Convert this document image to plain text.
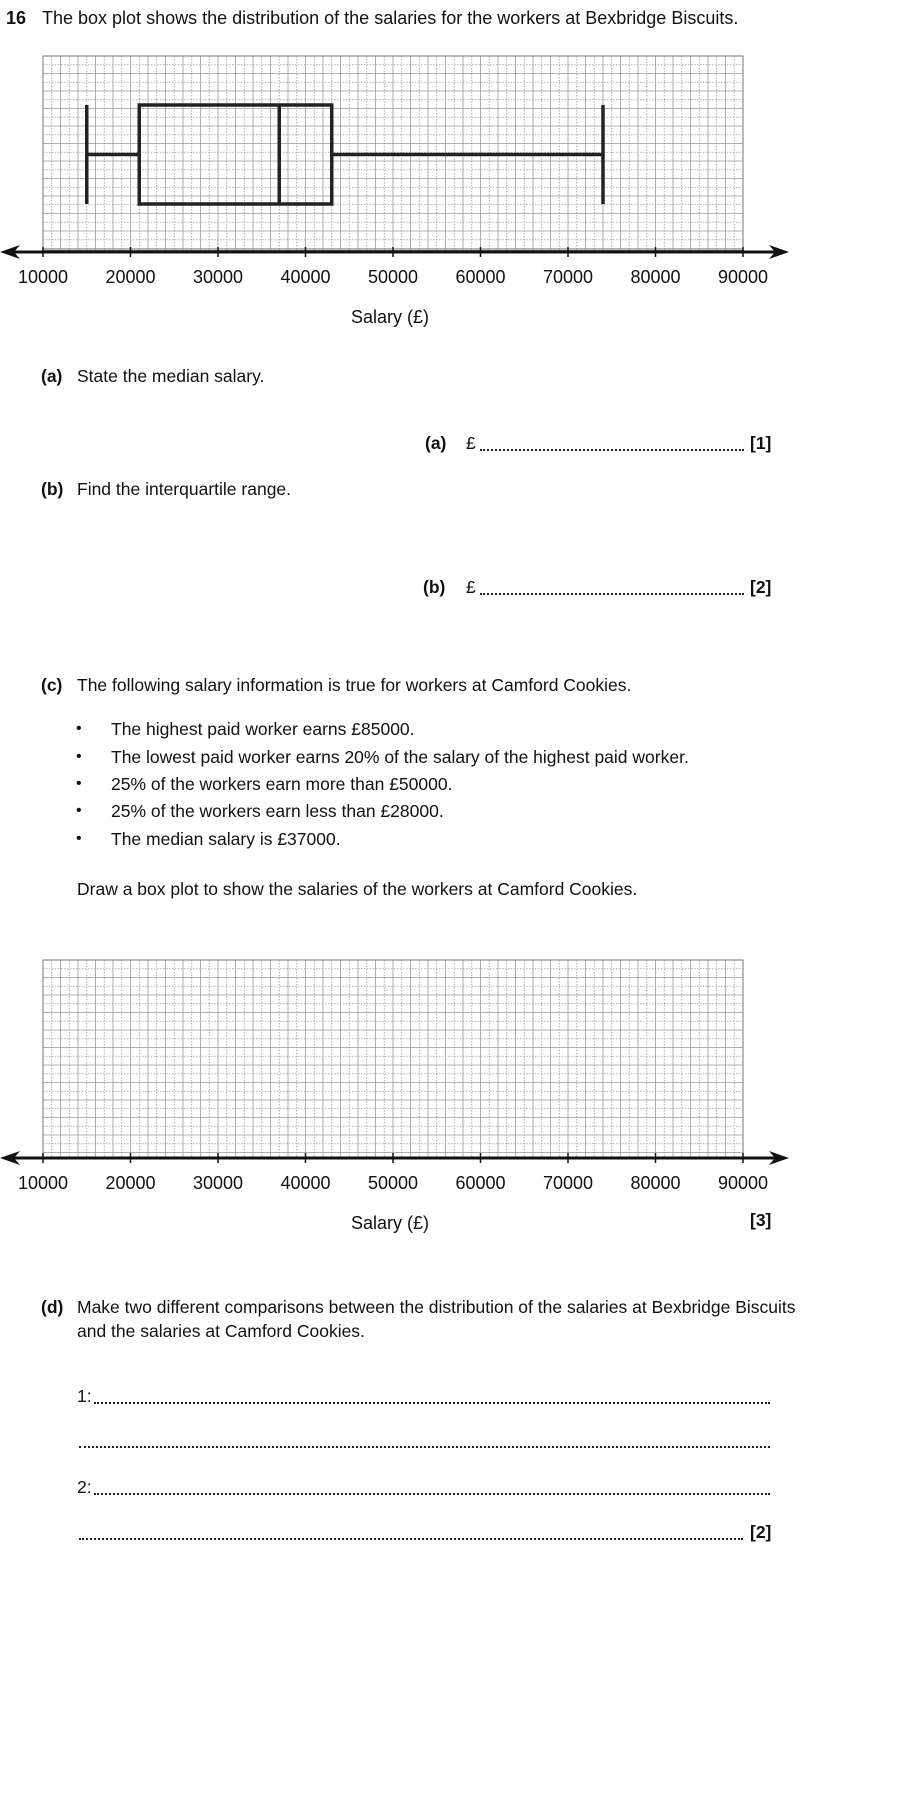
16 The box plot shows the distribution of the salaries for the workers at Bexbridge Biscuits.
10000 20000 30000 40000 50000 60000 70000 80000 90000
Salary (£)
(a) State the median salary.
(a) £	[1]
(b) Find the interquartile range.
(b) £	[2]
(c) The following salary information is true for workers at Camford Cookies.
• The highest paid worker earns £85000.
• The lowest paid worker earns 20% of the salary of the highest paid worker.
• 25% of the workers earn more than £50000.
• 25% of the workers earn less than £28000.
• The median salary is £37000.
Draw a box plot to show the salaries of the workers at Camford Cookies.
10000 20000 30000 40000 50000 60000 70000 80000 90000
Salary (£)	[3]
(d) Make two different comparisons between the distribution of the salaries at Bexbridge Biscuits
and the salaries at Camford Cookies.
1:
2:
[2]
